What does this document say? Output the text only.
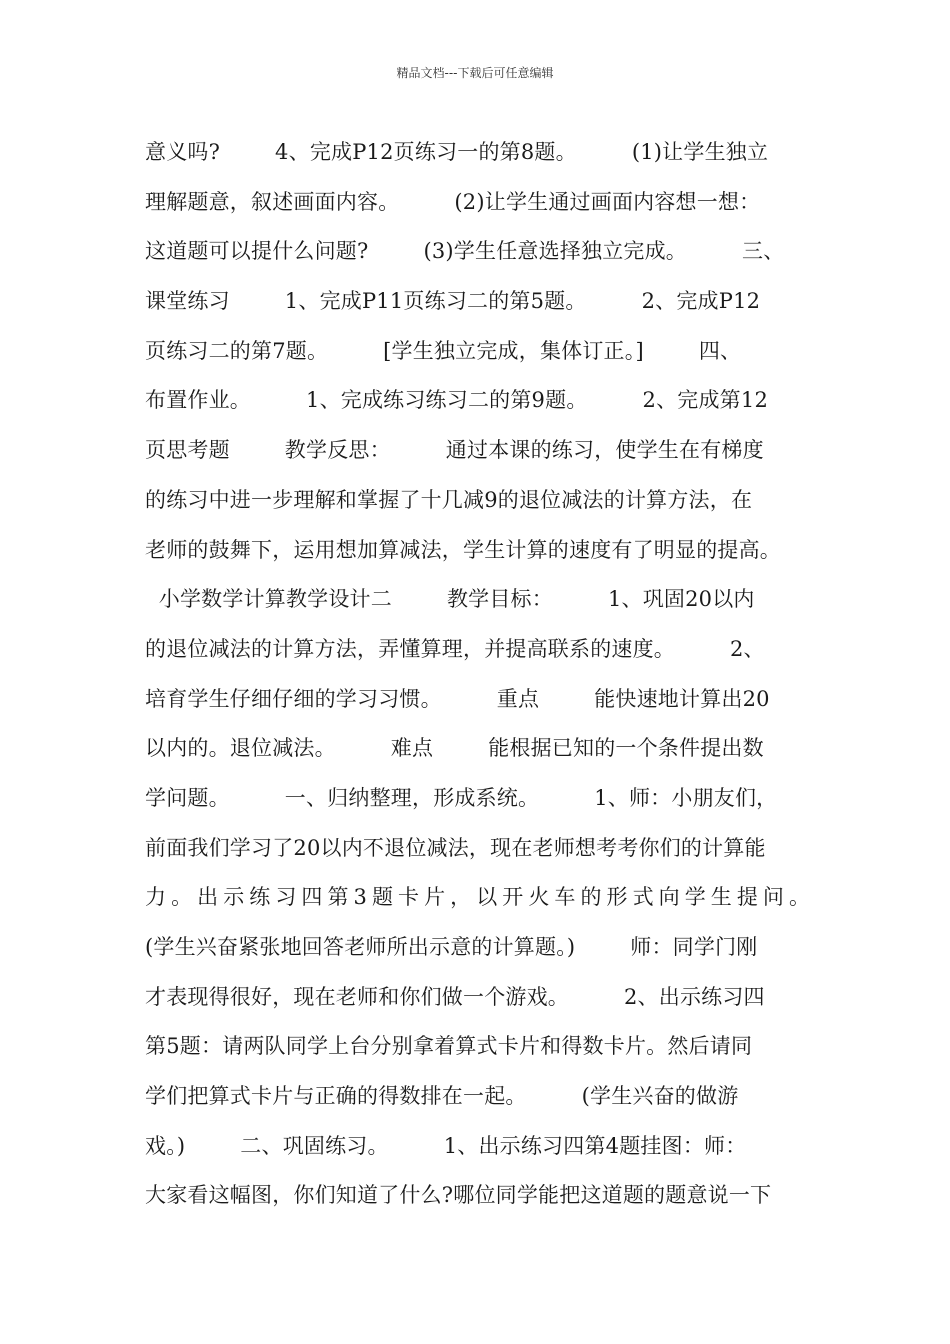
精品文档---下载后可任意编辑
意义吗?        4、完成P12页练习一的第8题。        (1)让学生独立
理解题意，叙述画面内容。        (2)让学生通过画面内容想一想：
这道题可以提什么问题?        (3)学生任意选择独立完成。        三、
课堂练习        1、完成P11页练习二的第5题。        2、完成P12
页练习二的第7题。        [学生独立完成，集体订正。]        四、
布置作业。        1、完成练习练习二的第9题。        2、完成第12
页思考题        教学反思：        通过本课的练习，使学生在有梯度
的练习中进一步理解和掌握了十几减9的退位减法的计算方法，在
老师的鼓舞下，运用想加算减法，学生计算的速度有了明显的提高。
小学数学计算教学设计二        教学目标：        1、巩固20以内
的退位减法的计算方法，弄懂算理，并提高联系的速度。        2、
培育学生仔细仔细的学习习惯。        重点        能快速地计算出20
以内的。退位减法。        难点        能根据已知的一个条件提出数
学问题。        一、归纳整理，形成系统。        1、师：小朋友们，
前面我们学习了20以内不退位减法，现在老师想考考你们的计算能
力。出示练习四第3题卡片，以开火车的形式向学生提问。
(学生兴奋紧张地回答老师所出示意的计算题。)        师：同学门刚
才表现得很好，现在老师和你们做一个游戏。        2、出示练习四
第5题：请两队同学上台分别拿着算式卡片和得数卡片。然后请同
学们把算式卡片与正确的得数排在一起。        (学生兴奋的做游
戏。)        二、巩固练习。        1、出示练习四第4题挂图：师：
大家看这幅图，你们知道了什么?哪位同学能把这道题的题意说一下
